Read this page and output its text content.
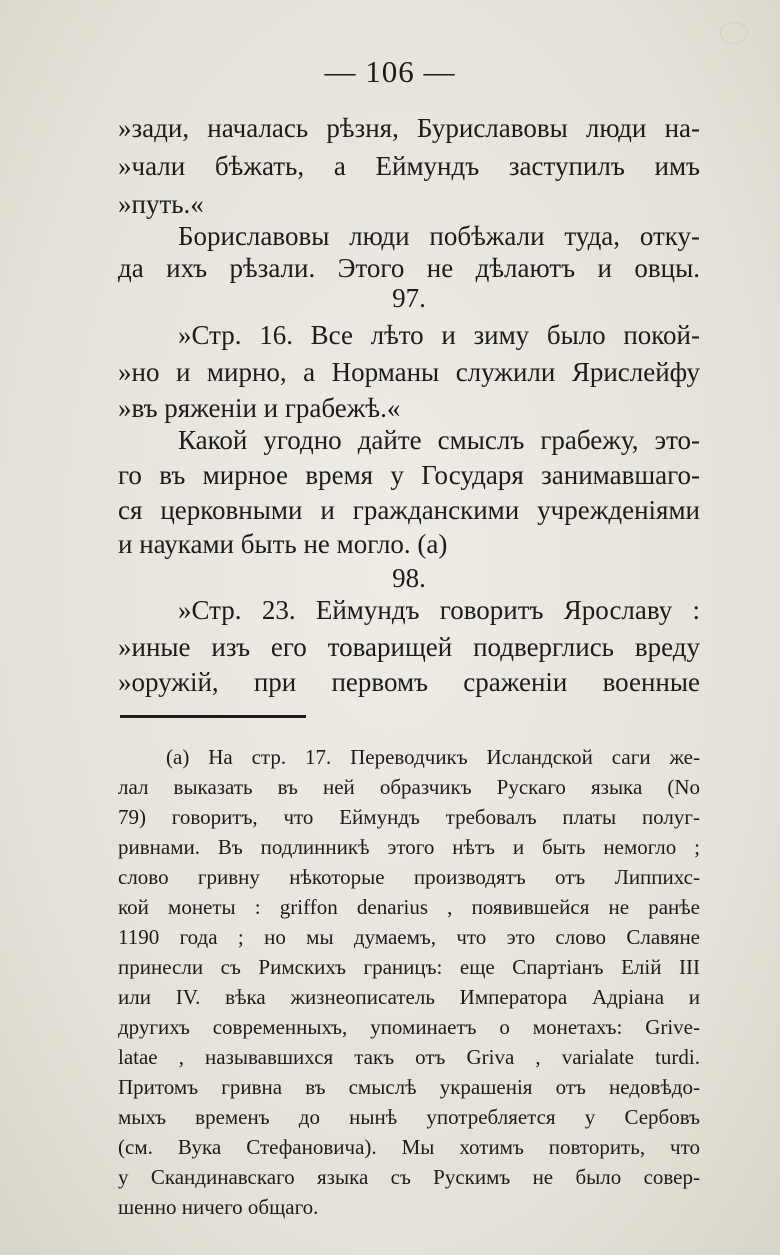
— 106 —
»зади, началась рѣзня, Буриславовы люди на-
»чали бѣжать, а Еймундъ заступилъ имъ
»путь.«
Бориславовы люди побѣжали туда, отку-
да ихъ рѣзали. Этого не дѣлаютъ и овцы.
97.
»Стр. 16. Все лѣто и зиму было покой-
»но и мирно, а Норманы служили Ярислейфу
»въ ряженіи и грабежѣ.«
Какой угодно дайте смыслъ грабежу, это-
го въ мирное время у Государя занимавшаго-
ся церковными и гражданскими учрежденіями
и науками быть не могло. (а)
98.
»Стр. 23. Еймундъ говоритъ Ярославу :
»иные изъ его товарищей подверглись вреду
»оружій, при первомъ сраженіи военные
(а) На стр. 17. Переводчикъ Исландской саги же-
лал выказать въ ней образчикъ Рускаго языка (No
79) говоритъ, что Еймундъ требовалъ платы полуг-
ривнами. Въ подлинникѣ этого нѣтъ и быть немогло ;
слово гривну нѣкоторые производятъ отъ Липпихс-
кой монеты : griffon denarius , появившейся не ранѣе
1190 года ; но мы думаемъ, что это слово Славяне
принесли съ Римскихъ границъ: еще Спартіанъ Елій III
или IV. вѣка жизнеописатель Императора Адріана и
другихъ современныхъ, упоминаетъ о монетахъ: Grive-
latae , называвшихся такъ отъ Griva , varialate turdi.
Притомъ гривна въ смыслѣ украшенія отъ недовѣдо-
мыхъ временъ до нынѣ употребляется у Сербовъ
(см. Вука Стефановича). Мы хотимъ повторить, что
у Скандинавскаго языка съ Рускимъ не было совер-
шенно ничего общаго.
